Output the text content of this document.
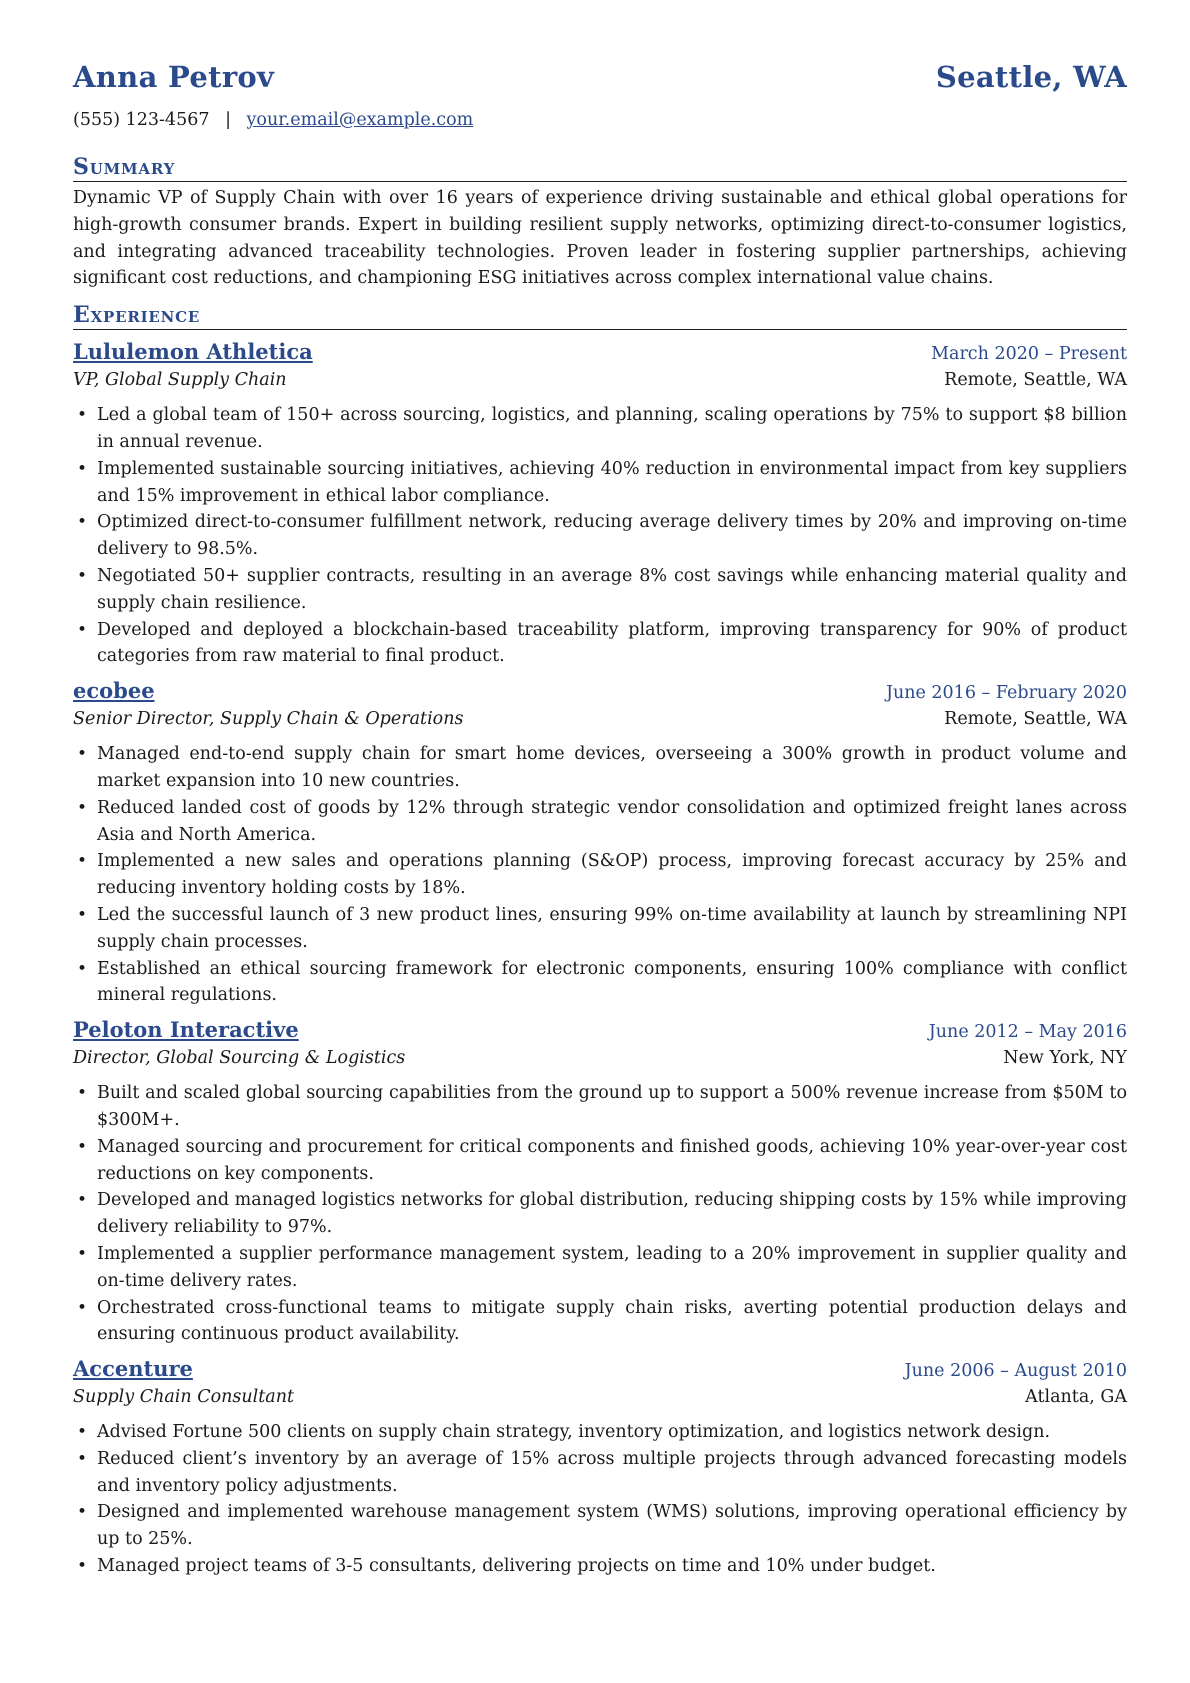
Anna Petrov	Seattle, WA
(555) 123-4567 | your.email@example.com
Summary
Dynamic VP of Supply Chain with over 16 years of experience driving sustainable and ethical global operations for high-growth consumer brands. Expert in building resilient supply networks, optimizing direct-to-consumer logistics, and integrating advanced traceability technologies. Proven leader in fostering supplier partnerships, achieving significant cost reductions, and championing ESG initiatives across complex international value chains.
Experience
Lululemon Athletica	March 2020 – Present
VP, Global Supply Chain	Remote, Seattle, WA
• Led a global team of 150+ across sourcing, logistics, and planning, scaling operations by 75% to support $8 billion in annual revenue.
• Implemented sustainable sourcing initiatives, achieving 40% reduction in environmental impact from key suppliers and 15% improvement in ethical labor compliance.
• Optimized direct-to-consumer fulfillment network, reducing average delivery times by 20% and improving on-time delivery to 98.5%.
• Negotiated 50+ supplier contracts, resulting in an average 8% cost savings while enhancing material quality and supply chain resilience.
• Developed and deployed a blockchain-based traceability platform, improving transparency for 90% of product categories from raw material to final product.
ecobee	June 2016 – February 2020
Senior Director, Supply Chain & Operations	Remote, Seattle, WA
• Managed end-to-end supply chain for smart home devices, overseeing a 300% growth in product volume and market expansion into 10 new countries.
• Reduced landed cost of goods by 12% through strategic vendor consolidation and optimized freight lanes across Asia and North America.
• Implemented a new sales and operations planning (S&OP) process, improving forecast accuracy by 25% and reducing inventory holding costs by 18%.
• Led the successful launch of 3 new product lines, ensuring 99% on-time availability at launch by streamlining NPI supply chain processes.
• Established an ethical sourcing framework for electronic components, ensuring 100% compliance with conflict mineral regulations.
Peloton Interactive	June 2012 – May 2016
Director, Global Sourcing & Logistics	New York, NY
• Built and scaled global sourcing capabilities from the ground up to support a 500% revenue increase from $50M to $300M+.
• Managed sourcing and procurement for critical components and finished goods, achieving 10% year-over-year cost reductions on key components.
• Developed and managed logistics networks for global distribution, reducing shipping costs by 15% while improving delivery reliability to 97%.
• Implemented a supplier performance management system, leading to a 20% improvement in supplier quality and on-time delivery rates.
• Orchestrated cross-functional teams to mitigate supply chain risks, averting potential production delays and ensuring continuous product availability.
Accenture	June 2006 – August 2010
Supply Chain Consultant	Atlanta, GA
• Advised Fortune 500 clients on supply chain strategy, inventory optimization, and logistics network design.
• Reduced client’s inventory by an average of 15% across multiple projects through advanced forecasting models and inventory policy adjustments.
• Designed and implemented warehouse management system (WMS) solutions, improving operational efficiency by up to 25%.
• Managed project teams of 3-5 consultants, delivering projects on time and 10% under budget.
